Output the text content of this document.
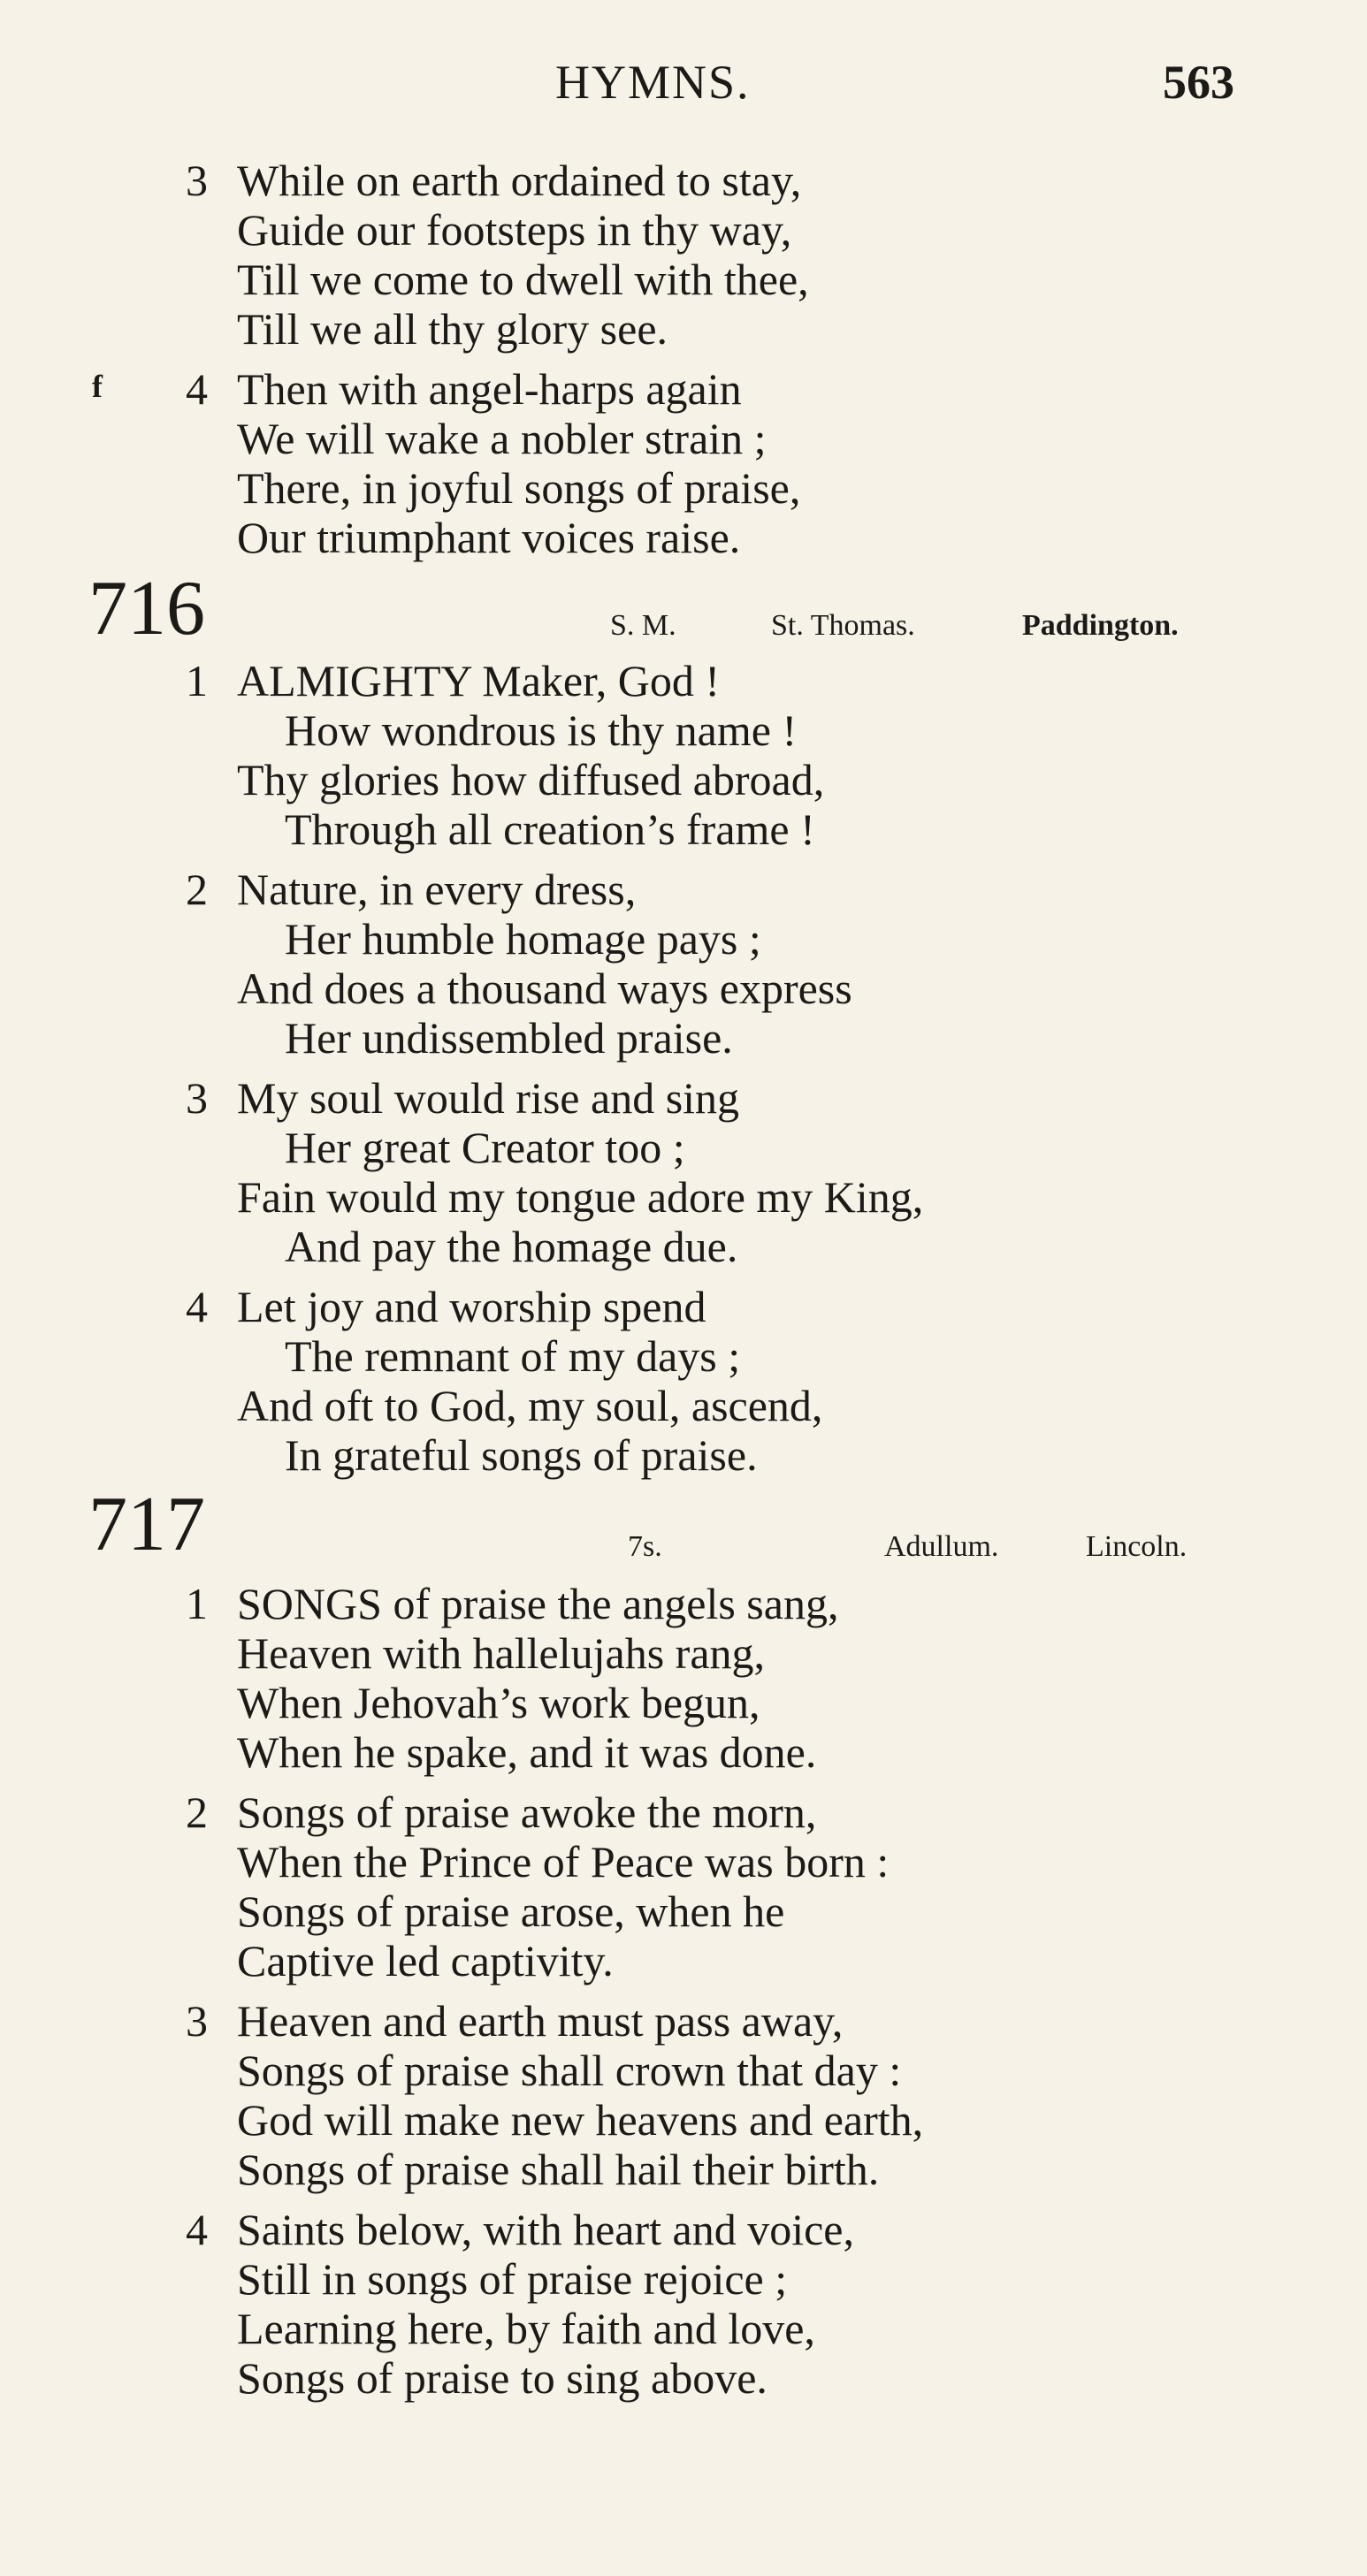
HYMNS.	563
3 While on earth ordained to stay,
Guide our footsteps in thy way,
Till we come to dwell with thee,
Till we all thy glory see.
f 4 Then with angel-harps again
We will wake a nobler strain ;
There, in joyful songs of praise,
Our triumphant voices raise.
716	S. M.	St. Thomas.	Paddington.
1 ALMIGHTY Maker, God !
How wondrous is thy name !
Thy glories how diffused abroad,
Through all creation’s frame !
2 Nature, in every dress,
Her humble homage pays ;
And does a thousand ways express
Her undissembled praise.
3 My soul would rise and sing
Her great Creator too ;
Fain would my tongue adore my King,
And pay the homage due.
4 Let joy and worship spend
The remnant of my days ;
And oft to God, my soul, ascend,
In grateful songs of praise.
717	7s.	Adullum.	Lincoln.
1 SONGS of praise the angels sang,
Heaven with hallelujahs rang,
When Jehovah’s work begun,
When he spake, and it was done.
2 Songs of praise awoke the morn,
When the Prince of Peace was born :
Songs of praise arose, when he
Captive led captivity.
3 Heaven and earth must pass away,
Songs of praise shall crown that day :
God will make new heavens and earth,
Songs of praise shall hail their birth.
4 Saints below, with heart and voice,
Still in songs of praise rejoice ;
Learning here, by faith and love,
Songs of praise to sing above.
